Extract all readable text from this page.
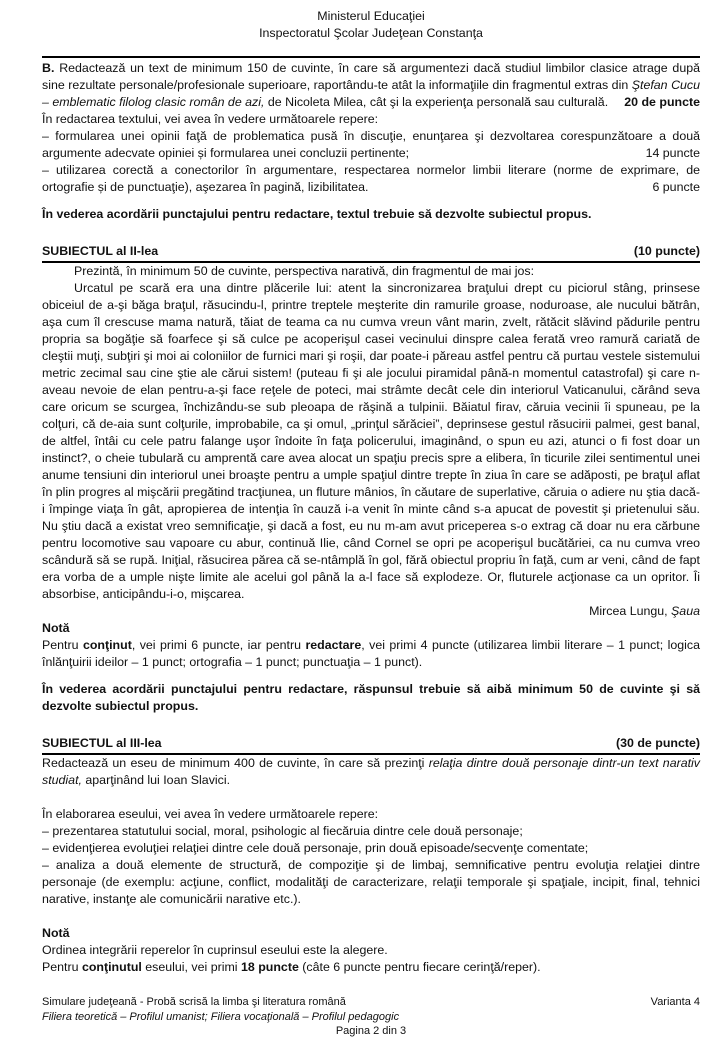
Ministerul Educaţiei
Inspectoratul Şcolar Judeţean Constanţa

B. Redactează un text de minimum 150 de cuvinte, în care să argumentezi dacă studiul limbilor clasice atrage după sine rezultate personale/profesionale superioare, raportându-te atât la informaţiile din fragmentul extras din Ştefan Cucu – emblematic filolog clasic român de azi, de Nicoleta Milea, cât şi la experienţa personală sau culturală. 20 de puncte

În redactarea textului, vei avea în vedere următoarele repere:

– formularea unei opinii faţă de problematica pusă în discuţie, enunţarea şi dezvoltarea corespunzătoare a două argumente adecvate opiniei și formularea unei concluzii pertinente;	14 puncte

– utilizarea corectă a conectorilor în argumentare, respectarea normelor limbii literare (norme de exprimare, de ortografie și de punctuaţie), aşezarea în pagină, lizibilitatea.	6 puncte

În vederea acordării punctajului pentru redactare, textul trebuie să dezvolte subiectul propus.

SUBIECTUL al II-lea	(10 puncte)

Prezintă, în minimum 50 de cuvinte, perspectiva narativă, din fragmentul de mai jos:

Urcatul pe scară era una dintre plăcerile lui: atent la sincronizarea braţului drept cu piciorul stâng, prinsese obiceiul de a-şi băga braţul, răsucindu-l, printre treptele meşterite din ramurile groase, noduroase, ale nucului bătrân, aşa cum îl crescuse mama natură, tăiat de teama ca nu cumva vreun vânt marin, zvelt, rătăcit slăvind pădurile pentru propria sa bogăţie să foarfece şi să culce pe acoperişul casei vecinului dinspre calea ferată vreo ramură cariată de cleştii muţi, subţiri şi moi ai coloniilor de furnici mari şi roşii, dar poate-i păreau astfel pentru că purtau vestele sistemului metric zecimal sau cine ştie ale cărui sistem! (puteau fi şi ale jocului piramidal până-n momentul catastrofal) şi care n-aveau nevoie de elan pentru-a-şi face reţele de poteci, mai strâmte decât cele din interiorul Vaticanului, cărând seva care oricum se scurgea, închizându-se sub pleoapa de răşină a tulpinii. Băiatul firav, căruia vecinii îi spuneau, pe la colţuri, că de-aia sunt colţurile, improbabile, ca şi omul, „prinţul sărăciei”, deprinsese gestul răsucirii palmei, gest banal, de altfel, întâi cu cele patru falange uşor îndoite în faţa policerului, imaginând, o spun eu azi, atunci o fi fost doar un instinct?, o cheie tubulară cu amprentă care avea alocat un spaţiu precis spre a elibera, în ticurile zilei sentimentul unei anume tensiuni din interiorul unei broaşte pentru a umple spaţiul dintre trepte în ziua în care se adăposti, pe braţul aflat în plin progres al mişcării pregătind tracţiunea, un fluture mânios, în căutare de superlative, căruia o adiere nu ştia dacă-i împinge viaţa în gât, apropierea de intenţia în cauză i-a venit în minte când s-a apucat de povestit şi prietenului său. Nu ştiu dacă a existat vreo semnificaţie, şi dacă a fost, eu nu m-am avut priceperea s-o extrag că doar nu era cărbune pentru locomotive sau vapoare cu abur, continuă Ilie, când Cornel se opri pe acoperişul bucătăriei, ca nu cumva vreo scândură să se rupă. Iniţial, răsucirea părea că se-ntâmplă în gol, fără obiectul propriu în faţă, cum ar veni, când de fapt era vorba de a umple nişte limite ale acelui gol până la a-l face să explodeze. Or, fluturele acţionase ca un opritor. Îi absorbise, anticipându-i-o, mişcarea.

Mircea Lungu, Şaua

Notă

Pentru conţinut, vei primi 6 puncte, iar pentru redactare, vei primi 4 puncte (utilizarea limbii literare – 1 punct; logica înlănţuirii ideilor – 1 punct; ortografia – 1 punct; punctuaţia – 1 punct).

În vederea acordării punctajului pentru redactare, răspunsul trebuie să aibă minimum 50 de cuvinte şi să dezvolte subiectul propus.

SUBIECTUL al III-lea	(30 de puncte)

Redactează un eseu de minimum 400 de cuvinte, în care să prezinţi relaţia dintre două personaje dintr-un text narativ studiat, aparţinând lui Ioan Slavici.

În elaborarea eseului, vei avea în vedere următoarele repere:

– prezentarea statutului social, moral, psihologic al fiecăruia dintre cele două personaje;

– evidenţierea evoluţiei relaţiei dintre cele două personaje, prin două episoade/secvenţe comentate;

– analiza a două elemente de structură, de compoziţie şi de limbaj, semnificative pentru evoluţia relaţiei dintre personaje (de exemplu: acţiune, conflict, modalităţi de caracterizare, relaţii temporale şi spaţiale, incipit, final, tehnici narative, instanţe ale comunicării narative etc.).

Notă

Ordinea integrării reperelor în cuprinsul eseului este la alegere.

Pentru conţinutul eseului, vei primi 18 puncte (câte 6 puncte pentru fiecare cerinţă/reper).

Simulare judeţeană - Probă scrisă la limba şi literatura română	Varianta 4
Filiera teoretică – Profilul umanist; Filiera vocaţională – Profilul pedagogic
Pagina 2 din 3
